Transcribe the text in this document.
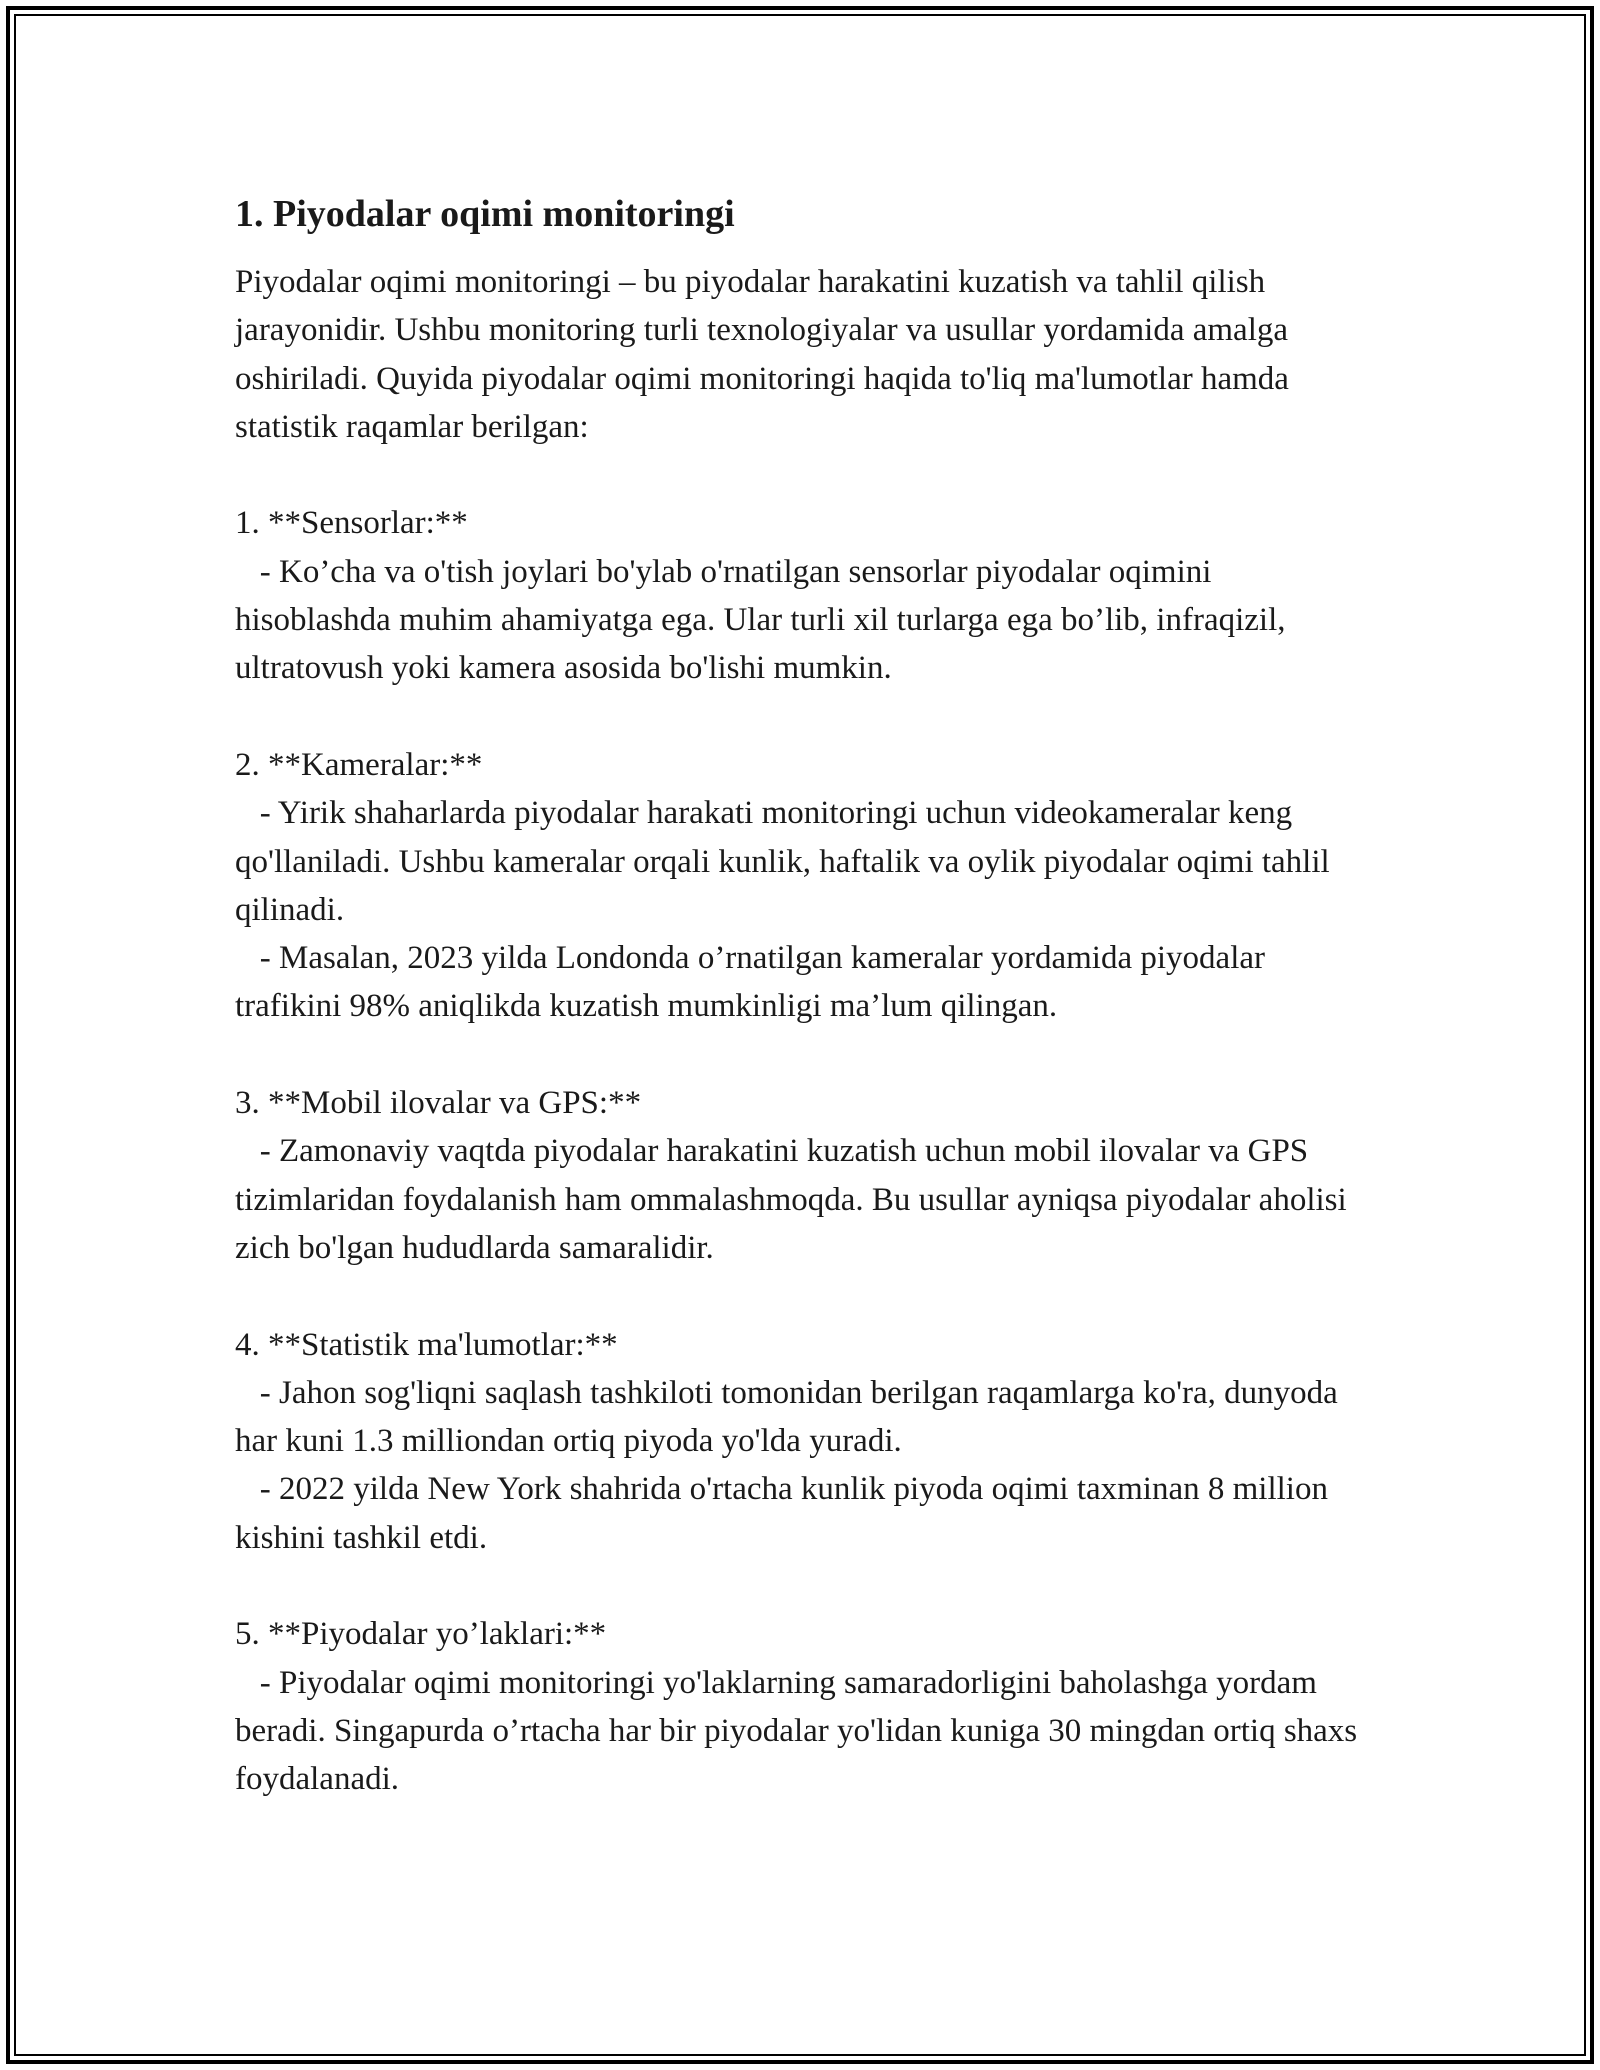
1. Piyodalar oqimi monitoringi

Piyodalar oqimi monitoringi – bu piyodalar harakatini kuzatish va tahlil qilish jarayonidir. Ushbu monitoring turli texnologiyalar va usullar yordamida amalga oshiriladi. Quyida piyodalar oqimi monitoringi haqida to'liq ma'lumotlar hamda statistik raqamlar berilgan:

1. **Sensorlar:**
- Ko’cha va o'tish joylari bo'ylab o'rnatilgan sensorlar piyodalar oqimini hisoblashda muhim ahamiyatga ega. Ular turli xil turlarga ega bo’lib, infraqizil, ultratovush yoki kamera asosida bo'lishi mumkin.
2. **Kameralar:**
- Yirik shaharlarda piyodalar harakati monitoringi uchun videokameralar keng qo'llaniladi. Ushbu kameralar orqali kunlik, haftalik va oylik piyodalar oqimi tahlil qilinadi.
- Masalan, 2023 yilda Londonda o’rnatilgan kameralar yordamida piyodalar trafikini 98% aniqlikda kuzatish mumkinligi ma’lum qilingan.
3. **Mobil ilovalar va GPS:**
- Zamonaviy vaqtda piyodalar harakatini kuzatish uchun mobil ilovalar va GPS tizimlaridan foydalanish ham ommalashmoqda. Bu usullar ayniqsa piyodalar aholisi zich bo'lgan hududlarda samaralidir.
4. **Statistik ma'lumotlar:**
- Jahon sog'liqni saqlash tashkiloti tomonidan berilgan raqamlarga ko'ra, dunyoda har kuni 1.3 milliondan ortiq piyoda yo'lda yuradi.
- 2022 yilda New York shahrida o'rtacha kunlik piyoda oqimi taxminan 8 million kishini tashkil etdi.
5. **Piyodalar yo’laklari:**
- Piyodalar oqimi monitoringi yo'laklarning samaradorligini baholashga yordam beradi. Singapurda o’rtacha har bir piyodalar yo'lidan kuniga 30 mingdan ortiq shaxs foydalanadi.
